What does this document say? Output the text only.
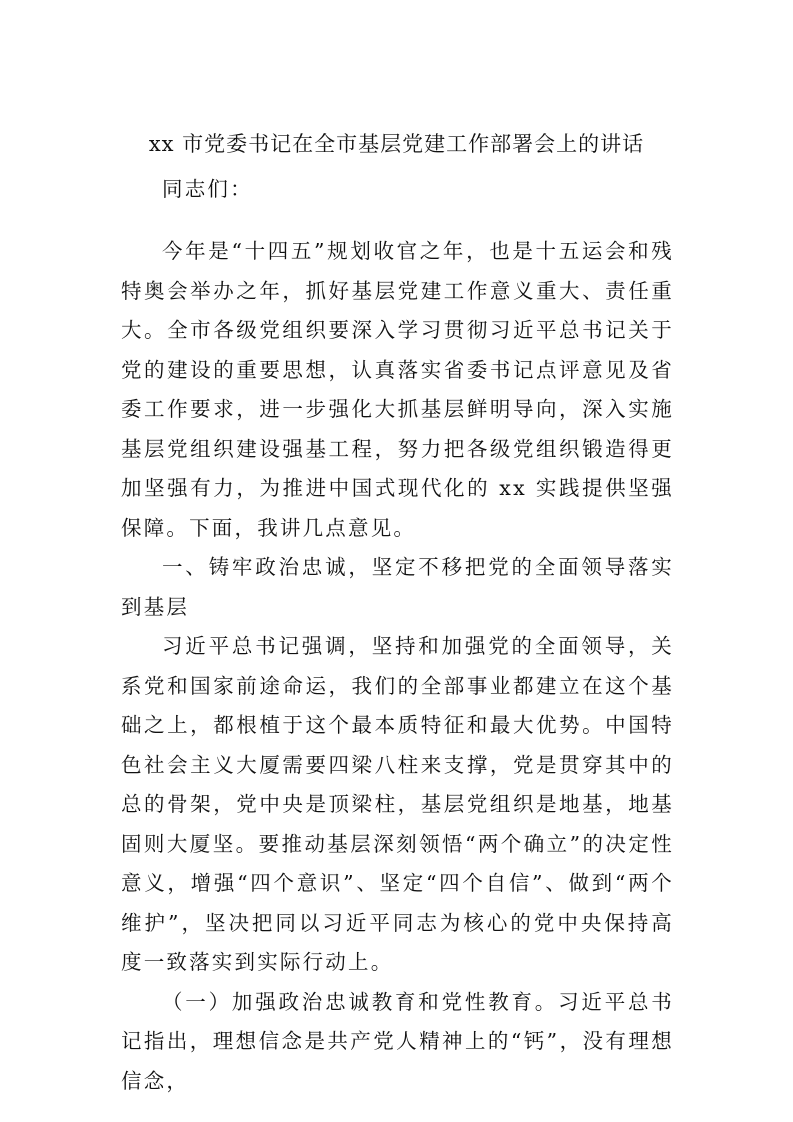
xx 市党委书记在全市基层党建工作部署会上的讲话

同志们：

今年是“十四五”规划收官之年，也是十五运会和残特奥会举办之年，抓好基层党建工作意义重大、责任重大。全市各级党组织要深入学习贯彻习近平总书记关于党的建设的重要思想，认真落实省委书记点评意见及省委工作要求，进一步强化大抓基层鲜明导向，深入实施基层党组织建设强基工程，努力把各级党组织锻造得更加坚强有力，为推进中国式现代化的 xx 实践提供坚强保障。下面，我讲几点意见。

一、铸牢政治忠诚，坚定不移把党的全面领导落实到基层

习近平总书记强调，坚持和加强党的全面领导，关系党和国家前途命运，我们的全部事业都建立在这个基础之上，都根植于这个最本质特征和最大优势。中国特色社会主义大厦需要四梁八柱来支撑，党是贯穿其中的总的骨架，党中央是顶梁柱，基层党组织是地基，地基固则大厦坚。要推动基层深刻领悟“两个确立”的决定性意义，增强“四个意识”、坚定“四个自信”、做到“两个维护”，坚决把同以习近平同志为核心的党中央保持高度一致落实到实际行动上。

（一）加强政治忠诚教育和党性教育。习近平总书记指出，理想信念是共产党人精神上的“钙”，没有理想信念，
